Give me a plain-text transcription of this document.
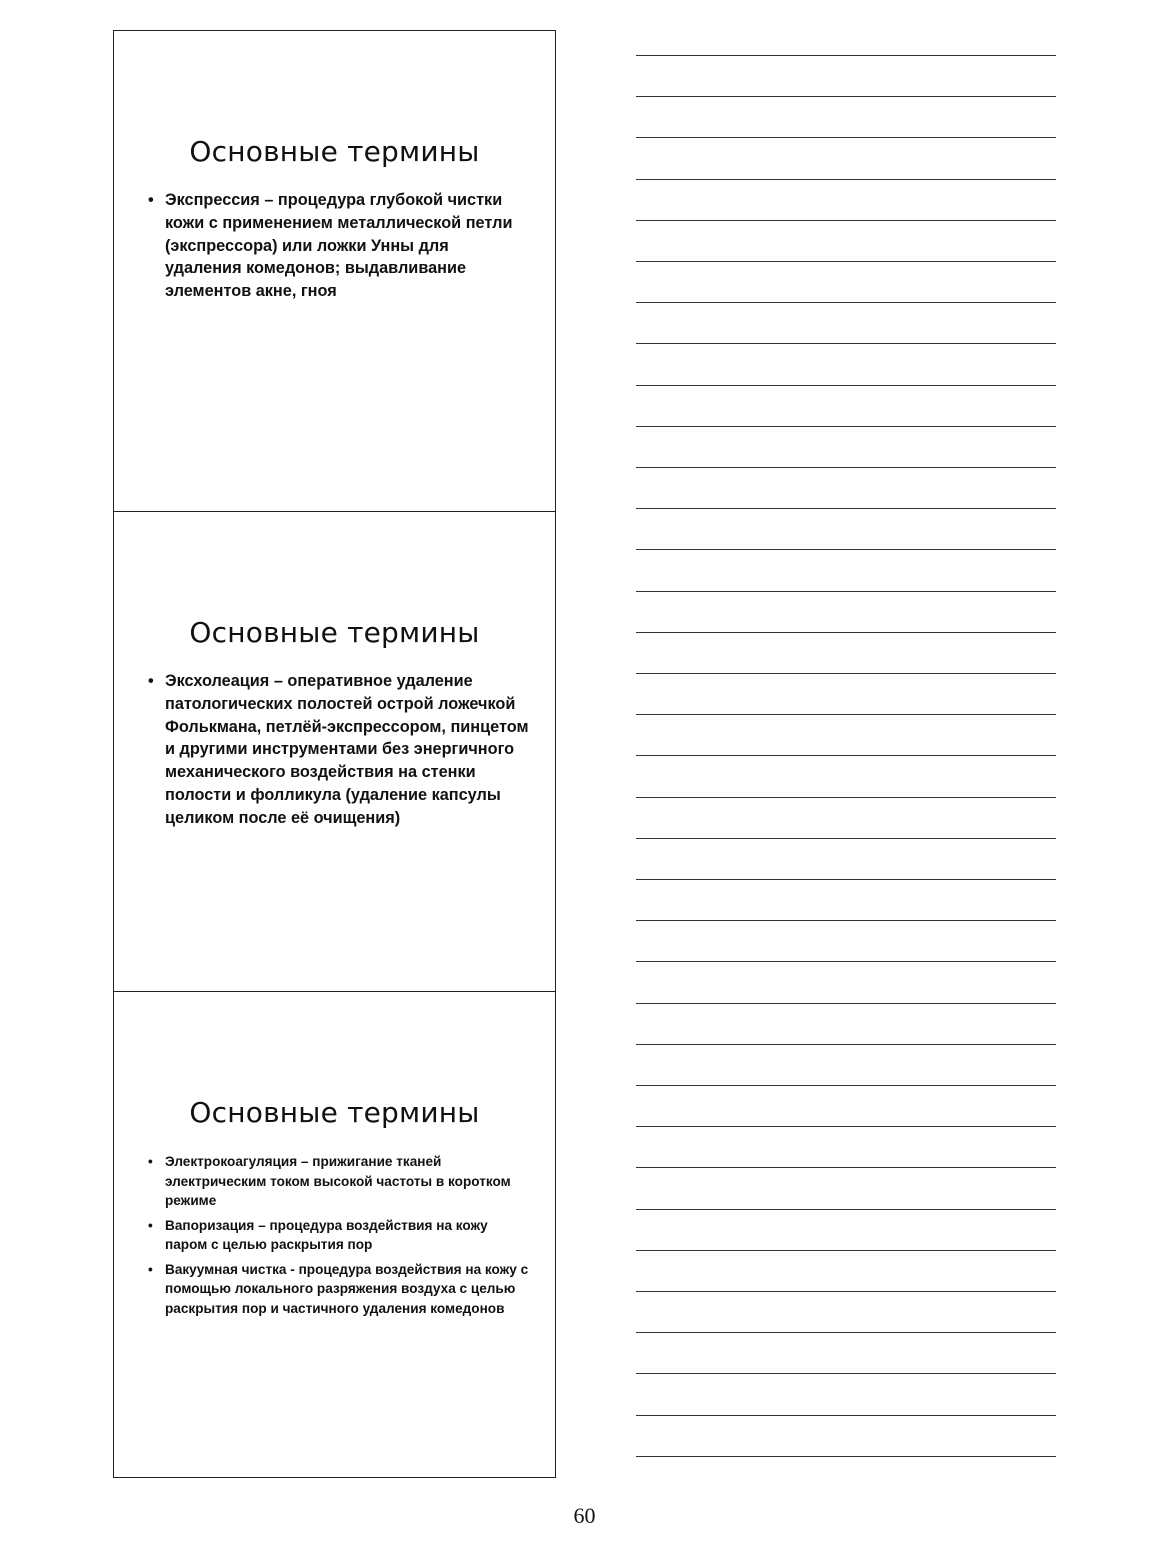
Основные термины
• Экспрессия – процедура глубокой чистки кожи с применением металлической петли (экспрессора) или ложки Унны для удаления комедонов; выдавливание элементов акне, гноя
Основные термины
• Эксхолеация – оперативное удаление патологических полостей острой ложечкой Фолькмана, петлёй-экспрессором, пинцетом и другими инструментами без энергичного механического воздействия на стенки полости и фолликула (удаление капсулы целиком после её очищения)
Основные термины
• Электрокоагуляция – прижигание тканей электрическим током высокой частоты в коротком режиме
• Вапоризация – процедура воздействия на кожу паром с целью раскрытия пор
• Вакуумная чистка - процедура воздействия на кожу с помощью локального разряжения воздуха с целью раскрытия пор и частичного удаления комедонов
60
